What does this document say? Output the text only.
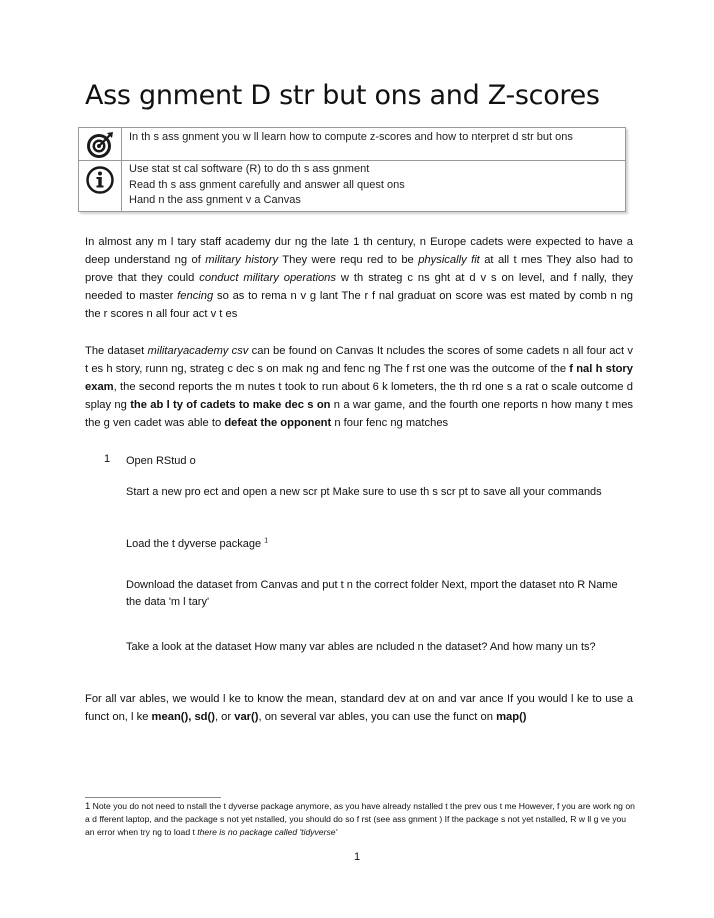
Ass gnment D str but ons and Z-scores
In th s ass gnment you w ll learn how to compute z-scores and how to nterpret d str but ons
Use stat st cal software (R) to do th s ass gnment
Read th s ass gnment carefully and answer all quest ons
Hand n the ass gnment v a Canvas

In almost any m l tary staff academy dur ng the late 1 th century, n Europe cadets were expected to have a deep understand ng of military history They were requ red to be physically fit at all t mes They also had to prove that they could conduct military operations w th strateg c ns ght at d v s on level, and f nally, they needed to master fencing so as to rema n v g lant The r f nal graduat on score was est mated by comb n ng the r scores n all four act v t es

The dataset militaryacademy csv can be found on Canvas It ncludes the scores of some cadets n all four act v t es h story, runn ng, strateg c dec s on mak ng and fenc ng The f rst one was the outcome of the f nal h story exam, the second reports the m nutes t took to run about 6 k lometers, the th rd one s a rat o scale outcome d splay ng the ab l ty of cadets to make dec s on n a war game, and the fourth one reports n how many t mes the g ven cadet was able to defeat the opponent n four fenc ng matches

1 Open RStud o

Start a new pro ect and open a new scr pt Make sure to use th s scr pt to save all your commands

Load the t dyverse package $^1$

Download the dataset from Canvas and put t n the correct folder Next, mport the dataset nto R Name the data 'm l tary'

Take a look at the dataset How many var ables are ncluded n the dataset? And how many un ts?

For all var ables, we would l ke to know the mean, standard dev at on and var ance If you would l ke to use a funct on, l ke mean(), sd(), or var(), on several var ables, you can use the funct on map()

1 Note you do not need to nstall the t dyverse package anymore, as you have already nstalled t the prev ous t me However, f you are work ng on a d fferent laptop, and the package s not yet nstalled, you should do so f rst (see ass gnment ) If the package s not yet nstalled, R w ll g ve you an error when try ng to load t there is no package called 'tidyverse'

1
